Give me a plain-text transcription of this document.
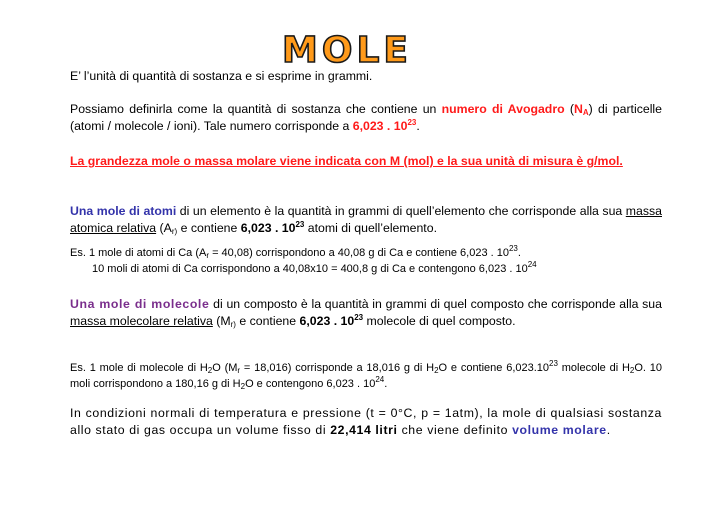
MOLE

E’ l’unità di quantità di sostanza e si esprime in grammi.

Possiamo definirla come la quantità di sostanza che contiene un numero di Avogadro $(N_A)$ di particelle (atomi / molecole / ioni). Tale numero corrisponde a 6,023 . $10^{23}$.

La grandezza mole o massa molare viene indicata con M (mol) e la sua unità di misura è g/mol.

Una mole di atomi di un elemento è la quantità in grammi di quell’elemento che corrisponde alla sua massa atomica relativa ($A_{r)}$ e contiene 6,023 . $10^{23}$ atomi di quell’elemento.

Es. 1 mole di atomi di Ca $(A_r = 40,08)$ corrispondono a 40,08 g di Ca e contiene 6,023 . $10^{23}$.
10 moli di atomi di Ca corrispondono a 40,08x10 = 400,8 g di Ca e contengono 6,023 . $10^{24}$

Una mole di molecole di un composto è la quantità in grammi di quel composto che corrisponde alla sua massa molecolare relativa ($M_{r)}$ e contiene 6,023 . $10^{23}$ molecole di quel composto.

Es. 1 mole di molecole di $H_2O$ $(M_r = 18,016)$ corrisponde a 18,016 g di $H_2O$ e contiene 6,023.10$^{23}$ molecole di $H_2O$. 10 moli corrispondono a 180,16 g di $H_2O$ e contengono 6,023 . $10^{24}$.

In condizioni normali di temperatura e pressione (t = 0°C, p = 1atm), la mole di qualsiasi sostanza allo stato di gas occupa un volume fisso di 22,414 litri che viene definito volume molare.
